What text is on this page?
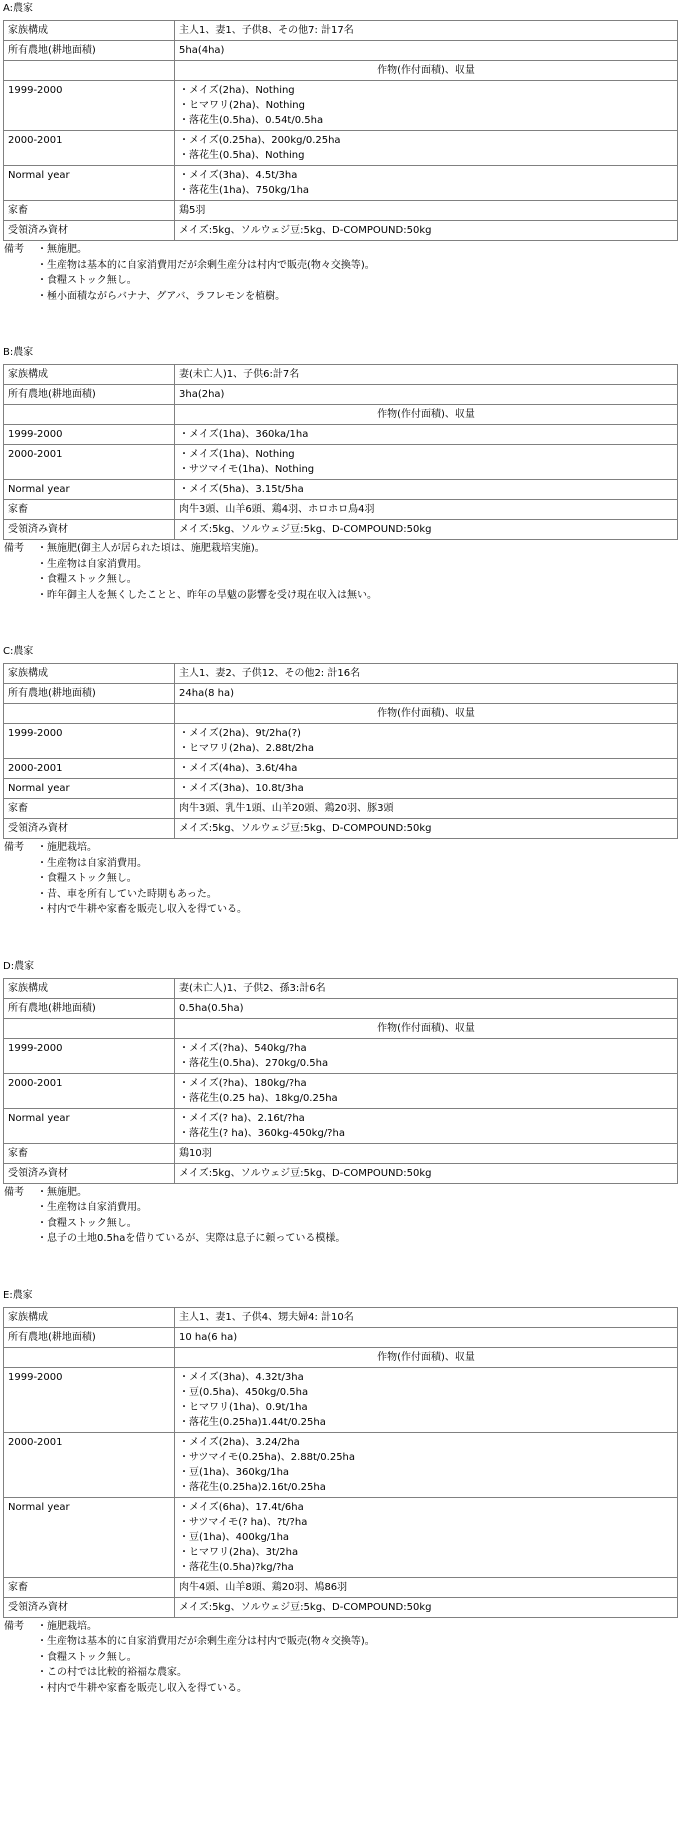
A:農家
家族構成	主人1、妻1、子供8、その他7: 計17名
所有農地(耕地面積)	5ha(4ha)
	作物(作付面積)、収量
1999-2000	・メイズ(2ha)、Nothing
・ヒマワリ(2ha)、Nothing
・落花生(0.5ha)、0.54t/0.5ha

2000-2001	・メイズ(0.25ha)、200kg/0.25ha
・落花生(0.5ha)、Nothing

Normal year	・メイズ(3ha)、4.5t/3ha
・落花生(1ha)、750kg/1ha

家畜	鶏5羽
受領済み資材	メイズ:5kg、ソルウェジ豆:5kg、D-COMPOUND:50kg
備考	・無施肥。
・生産物は基本的に自家消費用だが余剰生産分は村内で販売(物々交換等)。
・食糧ストック無し。
・極小面積ながらバナナ、グアバ、ラフレモンを植樹。
B:農家
家族構成	妻(未亡人)1、子供6:計7名
所有農地(耕地面積)	3ha(2ha)
	作物(作付面積)、収量
1999-2000	・メイズ(1ha)、360ka/1ha

2000-2001	・メイズ(1ha)、Nothing
・サツマイモ(1ha)、Nothing

Normal year	・メイズ(5ha)、3.15t/5ha

家畜	肉牛3頭、山羊6頭、鶏4羽、ホロホロ鳥4羽
受領済み資材	メイズ:5kg、ソルウェジ豆:5kg、D-COMPOUND:50kg
備考	・無施肥(御主人が居られた頃は、施肥栽培実施)。
・生産物は自家消費用。
・食糧ストック無し。
・昨年御主人を無くしたことと、昨年の旱魃の影響を受け現在収入は無い。
C:農家
家族構成	主人1、妻2、子供12、その他2: 計16名
所有農地(耕地面積)	24ha(8 ha)
	作物(作付面積)、収量
1999-2000	・メイズ(2ha)、9t/2ha(?)
・ヒマワリ(2ha)、2.88t/2ha

2000-2001	・メイズ(4ha)、3.6t/4ha

Normal year	・メイズ(3ha)、10.8t/3ha

家畜	肉牛3頭、乳牛1頭、山羊20頭、鶏20羽、豚3頭
受領済み資材	メイズ:5kg、ソルウェジ豆:5kg、D-COMPOUND:50kg
備考	・施肥栽培。
・生産物は自家消費用。
・食糧ストック無し。
・昔、車を所有していた時期もあった。
・村内で牛耕や家畜を販売し収入を得ている。
D:農家
家族構成	妻(未亡人)1、子供2、孫3:計6名
所有農地(耕地面積)	0.5ha(0.5ha)
	作物(作付面積)、収量
1999-2000	・メイズ(?ha)、540kg/?ha
・落花生(0.5ha)、270kg/0.5ha

2000-2001	・メイズ(?ha)、180kg/?ha
・落花生(0.25 ha)、18kg/0.25ha

Normal year	・メイズ(? ha)、2.16t/?ha
・落花生(? ha)、360kg-450kg/?ha

家畜	鶏10羽
受領済み資材	メイズ:5kg、ソルウェジ豆:5kg、D-COMPOUND:50kg
備考	・無施肥。
・生産物は自家消費用。
・食糧ストック無し。
・息子の土地0.5haを借りているが、実際は息子に頼っている模様。
E:農家
家族構成	主人1、妻1、子供4、甥夫婦4: 計10名
所有農地(耕地面積)	10 ha(6 ha)
	作物(作付面積)、収量
1999-2000	・メイズ(3ha)、4.32t/3ha
・豆(0.5ha)、450kg/0.5ha
・ヒマワリ(1ha)、0.9t/1ha
・落花生(0.25ha)1.44t/0.25ha

2000-2001	・メイズ(2ha)、3.24/2ha
・サツマイモ(0.25ha)、2.88t/0.25ha
・豆(1ha)、360kg/1ha
・落花生(0.25ha)2.16t/0.25ha

Normal year	・メイズ(6ha)、17.4t/6ha
・サツマイモ(? ha)、?t/?ha
・豆(1ha)、400kg/1ha
・ヒマワリ(2ha)、3t/2ha
・落花生(0.5ha)?kg/?ha

家畜	肉牛4頭、山羊8頭、鶏20羽、鳩86羽
受領済み資材	メイズ:5kg、ソルウェジ豆:5kg、D-COMPOUND:50kg
備考	・施肥栽培。
・生産物は基本的に自家消費用だが余剰生産分は村内で販売(物々交換等)。
・食糧ストック無し。
・この村では比較的裕福な農家。
・村内で牛耕や家畜を販売し収入を得ている。
